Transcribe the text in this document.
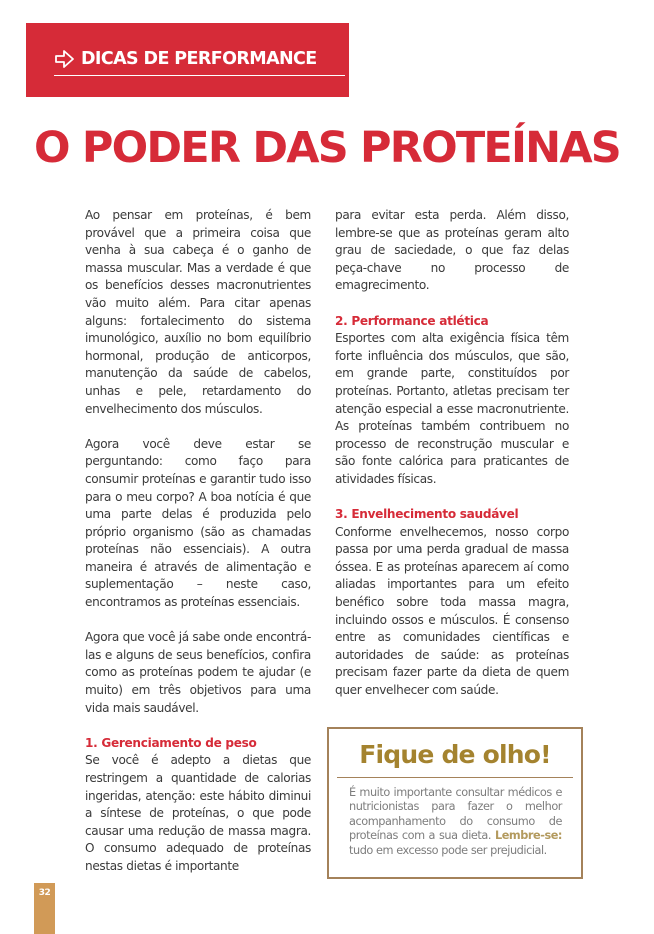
DICAS DE PERFORMANCE
O PODER DAS PROTEÍNAS

Ao pensar em proteínas, é bem provável que a primeira coisa que venha à sua cabeça é o ganho de massa muscular. Mas a verdade é que os benefícios desses macronutrientes vão muito além. Para citar apenas alguns: fortalecimento do sistema imunológico, auxílio no bom equilíbrio hormonal, produção de anticorpos, manutenção da saúde de cabelos, unhas e pele, retardamento do envelhecimento dos músculos.

Agora você deve estar se perguntando: como faço para consumir proteínas e garantir tudo isso para o meu corpo? A boa notícia é que uma parte delas é produzida pelo próprio organismo (são as chamadas proteínas não essenciais). A outra maneira é através de alimentação e suplementação – neste caso, encontramos as proteínas essenciais.

Agora que você já sabe onde encontrá-las e alguns de seus benefícios, confira como as proteínas podem te ajudar (e muito) em três objetivos para uma vida mais saudável.

1. Gerenciamento de peso

Se você é adepto a dietas que restringem a quantidade de calorias ingeridas, atenção: este hábito diminui a síntese de proteínas, o que pode causar uma redução de massa magra. O consumo adequado de proteínas nestas dietas é importante

para evitar esta perda. Além disso, lembre-se que as proteínas geram alto grau de saciedade, o que faz delas peça-chave no processo de emagrecimento.

2. Performance atlética

Esportes com alta exigência física têm forte influência dos músculos, que são, em grande parte, constituídos por proteínas. Portanto, atletas precisam ter atenção especial a esse macronutriente. As proteínas também contribuem no processo de reconstrução muscular e são fonte calórica para praticantes de atividades físicas.

3. Envelhecimento saudável

Conforme envelhecemos, nosso corpo passa por uma perda gradual de massa óssea. E as proteínas aparecem aí como aliadas importantes para um efeito benéfico sobre toda massa magra, incluindo ossos e músculos. É consenso entre as comunidades científicas e autoridades de saúde: as proteínas precisam fazer parte da dieta de quem quer envelhecer com saúde.

Fique de olho!
É muito importante consultar médicos e nutricionistas para fazer o melhor acompanhamento do consumo de proteínas com a sua dieta. Lembre-se: tudo em excesso pode ser prejudicial.
32
